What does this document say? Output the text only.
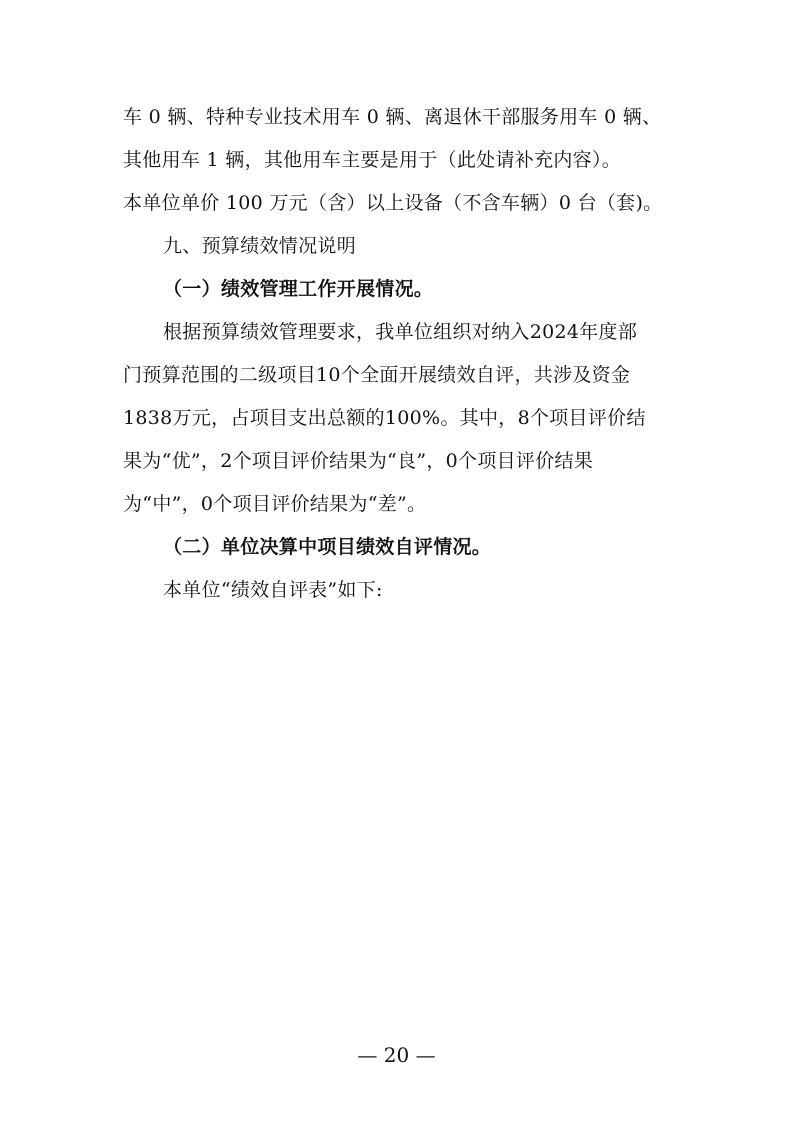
车 0 辆、特种专业技术用车 0 辆、离退休干部服务用车 0 辆、
其他用车 1 辆，其他用车主要是用于（此处请补充内容）。
本单位单价 100 万元（含）以上设备（不含车辆）0 台（套)。
九、预算绩效情况说明
（一）绩效管理工作开展情况。
根据预算绩效管理要求，我单位组织对纳入2024年度部
门预算范围的二级项目10个全面开展绩效自评，共涉及资金
1838万元，占项目支出总额的100%。其中，8个项目评价结
果为“优”，2个项目评价结果为“良”，0个项目评价结果
为“中”，0个项目评价结果为“差”。
（二）单位决算中项目绩效自评情况。
本单位“绩效自评表”如下:
— 20 —
